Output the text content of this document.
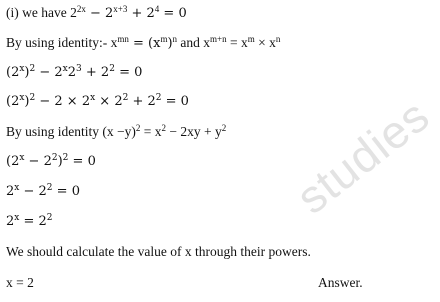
studies
(i) we have $2^{2x} - 2^{x+3} + 2^4 = 0$
By using identity:- $x^{mn} = (x^m)^n$ and $x^{m+n} = x^m \times x^n$
$(2^x)^2 - 2^x2^3 + 2^2 = 0$
$(2^x)^2 - 2 \times 2^x \times 2^2 + 2^2 = 0$
By using identity $(x -y)^2 = x^2 - 2xy + y^2$
$(2^x - 2^2)^2 = 0$
$2^x - 2^2 = 0$
$2^x = 2^2$
We should calculate the value of x through their powers.
x = 2	Answer.
